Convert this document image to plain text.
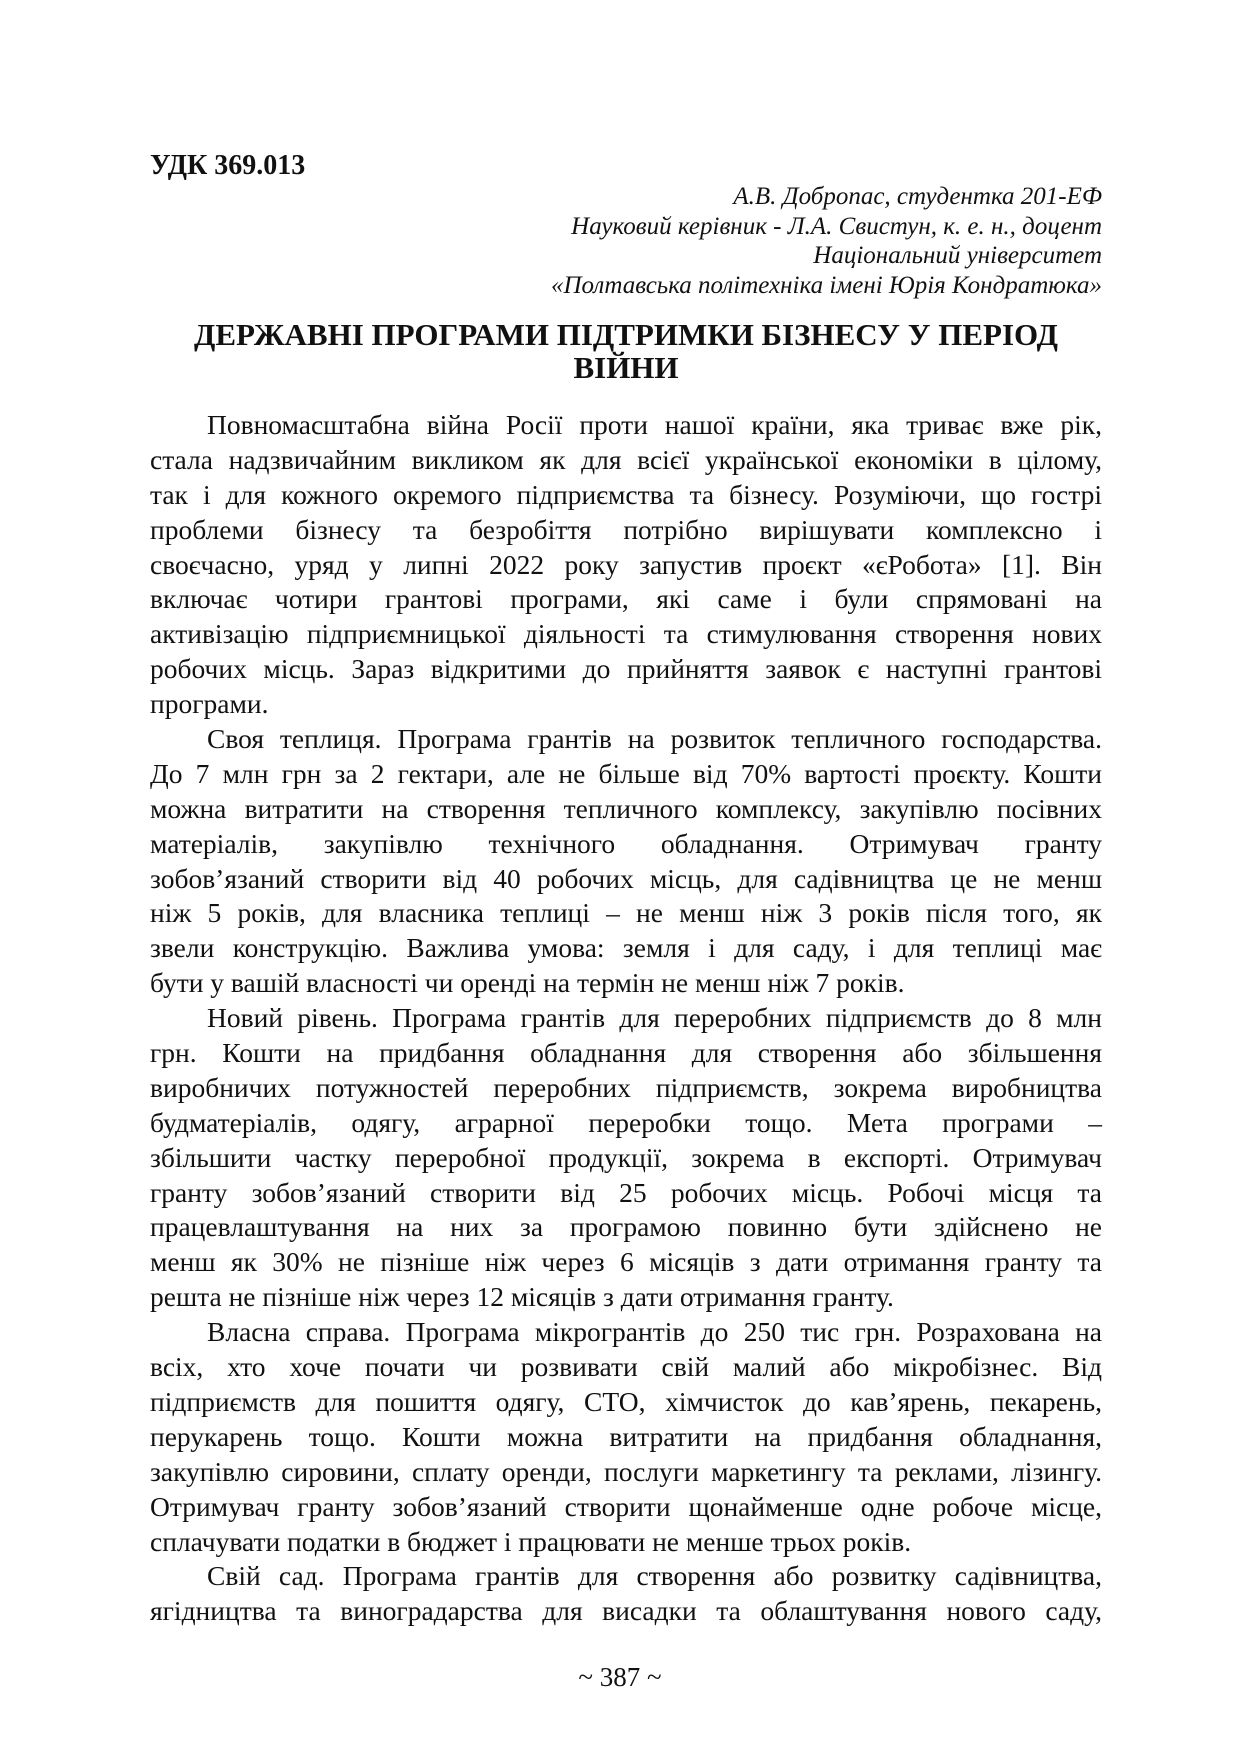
УДК 369.013
А.В. Добропас, студентка 201-ЕФ
Науковий керівник - Л.А. Свистун, к. е. н., доцент
Національний університет
«Полтавська політехніка імені Юрія Кондратюка»
ДЕРЖАВНІ ПРОГРАМИ ПІДТРИМКИ БІЗНЕСУ У ПЕРІОД
ВІЙНИ
Повномасштабна війна Росії проти нашої країни, яка триває вже рік,
стала надзвичайним викликом як для всієї української економіки в цілому,
так і для кожного окремого підприємства та бізнесу. Розуміючи, що гострі
проблеми бізнесу та безробіття потрібно вирішувати комплексно і
своєчасно, уряд у липні 2022 року запустив проєкт «єРобота» [1]. Він
включає чотири грантові програми, які саме і були спрямовані на
активізацію підприємницької діяльності та стимулювання створення нових
робочих місць. Зараз відкритими до прийняття заявок є наступні грантові
програми.
Своя теплиця. Програма грантів на розвиток тепличного господарства.
До 7 млн грн за 2 гектари, але не більше від 70% вартості проєкту. Кошти
можна витратити на створення тепличного комплексу, закупівлю посівних
матеріалів, закупівлю технічного обладнання. Отримувач гранту
зобов’язаний створити від 40 робочих місць, для садівництва це не менш
ніж 5 років, для власника теплиці – не менш ніж 3 років після того, як
звели конструкцію. Важлива умова: земля і для саду, і для теплиці має
бути у вашій власності чи оренді на термін не менш ніж 7 років.
Новий рівень. Програма грантів для переробних підприємств до 8 млн
грн. Кошти на придбання обладнання для створення або збільшення
виробничих потужностей переробних підприємств, зокрема виробництва
будматеріалів, одягу, аграрної переробки тощо. Мета програми –
збільшити частку переробної продукції, зокрема в експорті. Отримувач
гранту зобов’язаний створити від 25 робочих місць. Робочі місця та
працевлаштування на них за програмою повинно бути здійснено не
менш як 30% не пізніше ніж через 6 місяців з дати отримання гранту та
решта не пізніше ніж через 12 місяців з дати отримання гранту.
Власна справа. Програма мікрогрантів до 250 тис грн. Розрахована на
всіх, хто хоче почати чи розвивати свій малий або мікробізнес. Від
підприємств для пошиття одягу, СТО, хімчисток до кав’ярень, пекарень,
перукарень тощо. Кошти можна витратити на придбання обладнання,
закупівлю сировини, сплату оренди, послуги маркетингу та реклами, лізингу.
Отримувач гранту зобов’язаний створити щонайменше одне робоче місце,
сплачувати податки в бюджет і працювати не менше трьох років.
Свій сад. Програма грантів для створення або розвитку садівництва,
ягідництва та виноградарства для висадки та облаштування нового саду,
~ 387 ~
